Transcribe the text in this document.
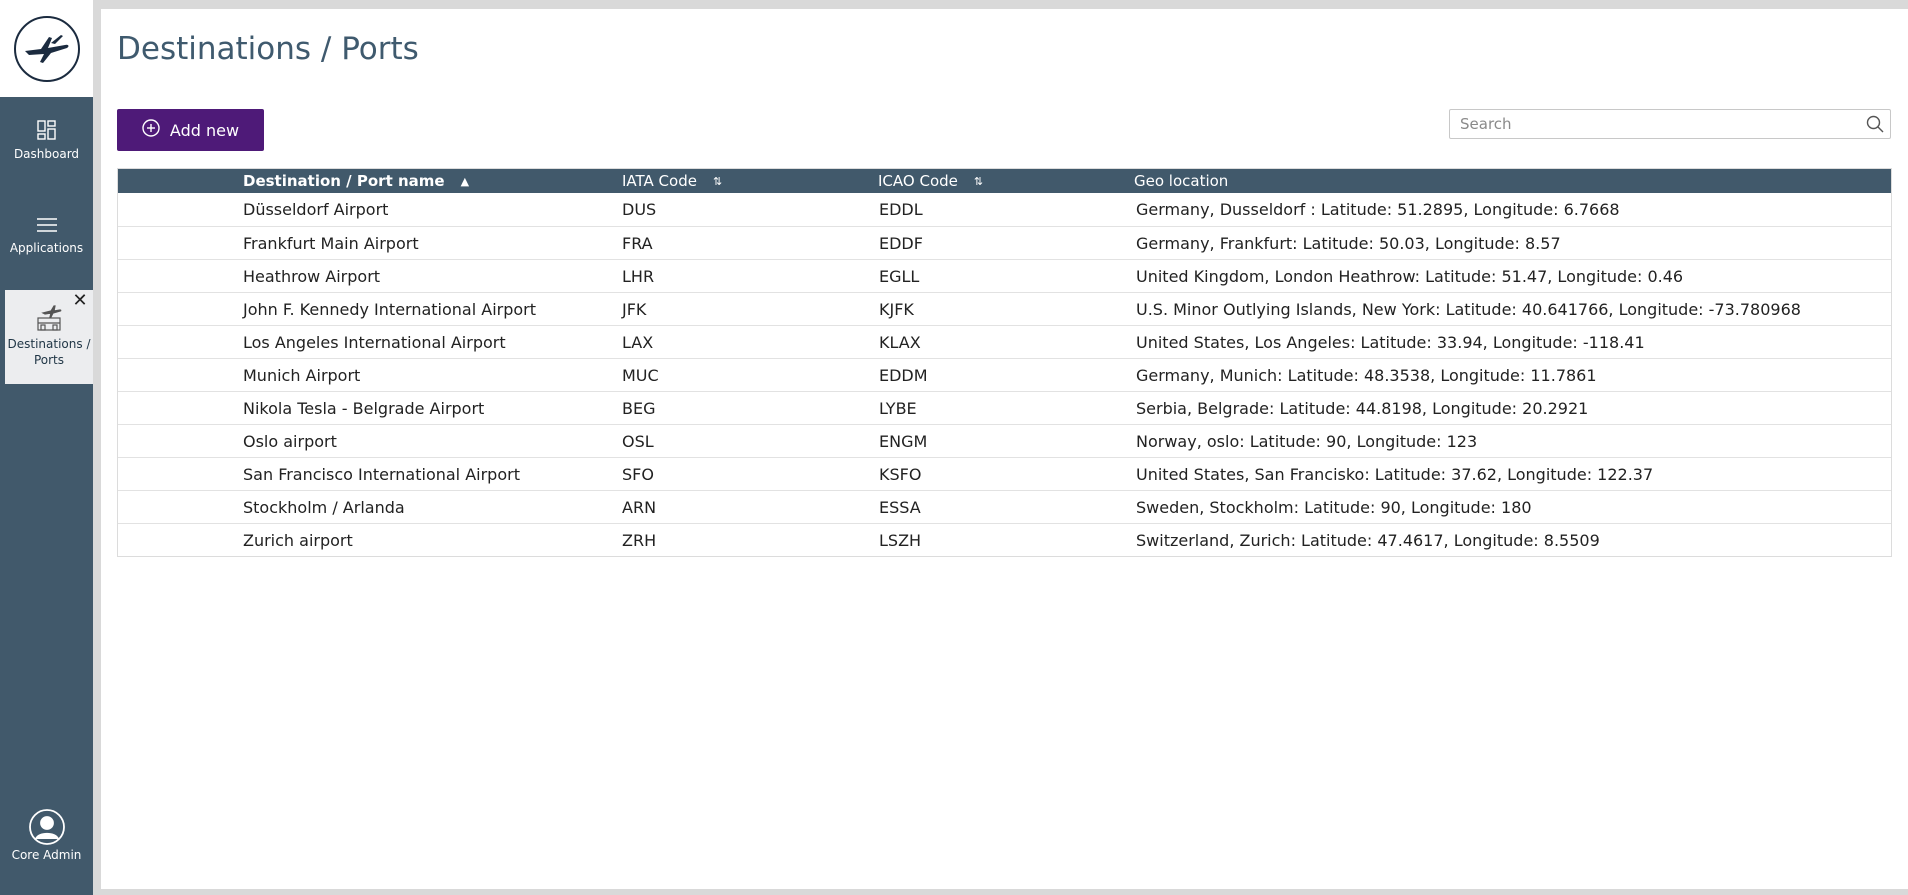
Dashboard
Applications
✕
Destinations / Ports
Core Admin
Destinations / Ports
Add new
Search
Destination / Port name ▲	IATA Code ⇅	ICAO Code ⇅	Geo location
Düsseldorf Airport	DUS	EDDL	Germany, Dusseldorf : Latitude: 51.2895, Longitude: 6.7668
Frankfurt Main Airport	FRA	EDDF	Germany, Frankfurt: Latitude: 50.03, Longitude: 8.57
Heathrow Airport	LHR	EGLL	United Kingdom, London Heathrow: Latitude: 51.47, Longitude: 0.46
John F. Kennedy International Airport	JFK	KJFK	U.S. Minor Outlying Islands, New York: Latitude: 40.641766, Longitude: -73.780968
Los Angeles International Airport	LAX	KLAX	United States, Los Angeles: Latitude: 33.94, Longitude: -118.41
Munich Airport	MUC	EDDM	Germany, Munich: Latitude: 48.3538, Longitude: 11.7861
Nikola Tesla - Belgrade Airport	BEG	LYBE	Serbia, Belgrade: Latitude: 44.8198, Longitude: 20.2921
Oslo airport	OSL	ENGM	Norway, oslo: Latitude: 90, Longitude: 123
San Francisco International Airport	SFO	KSFO	United States, San Francisko: Latitude: 37.62, Longitude: 122.37
Stockholm / Arlanda	ARN	ESSA	Sweden, Stockholm: Latitude: 90, Longitude: 180
Zurich airport	ZRH	LSZH	Switzerland, Zurich: Latitude: 47.4617, Longitude: 8.5509
